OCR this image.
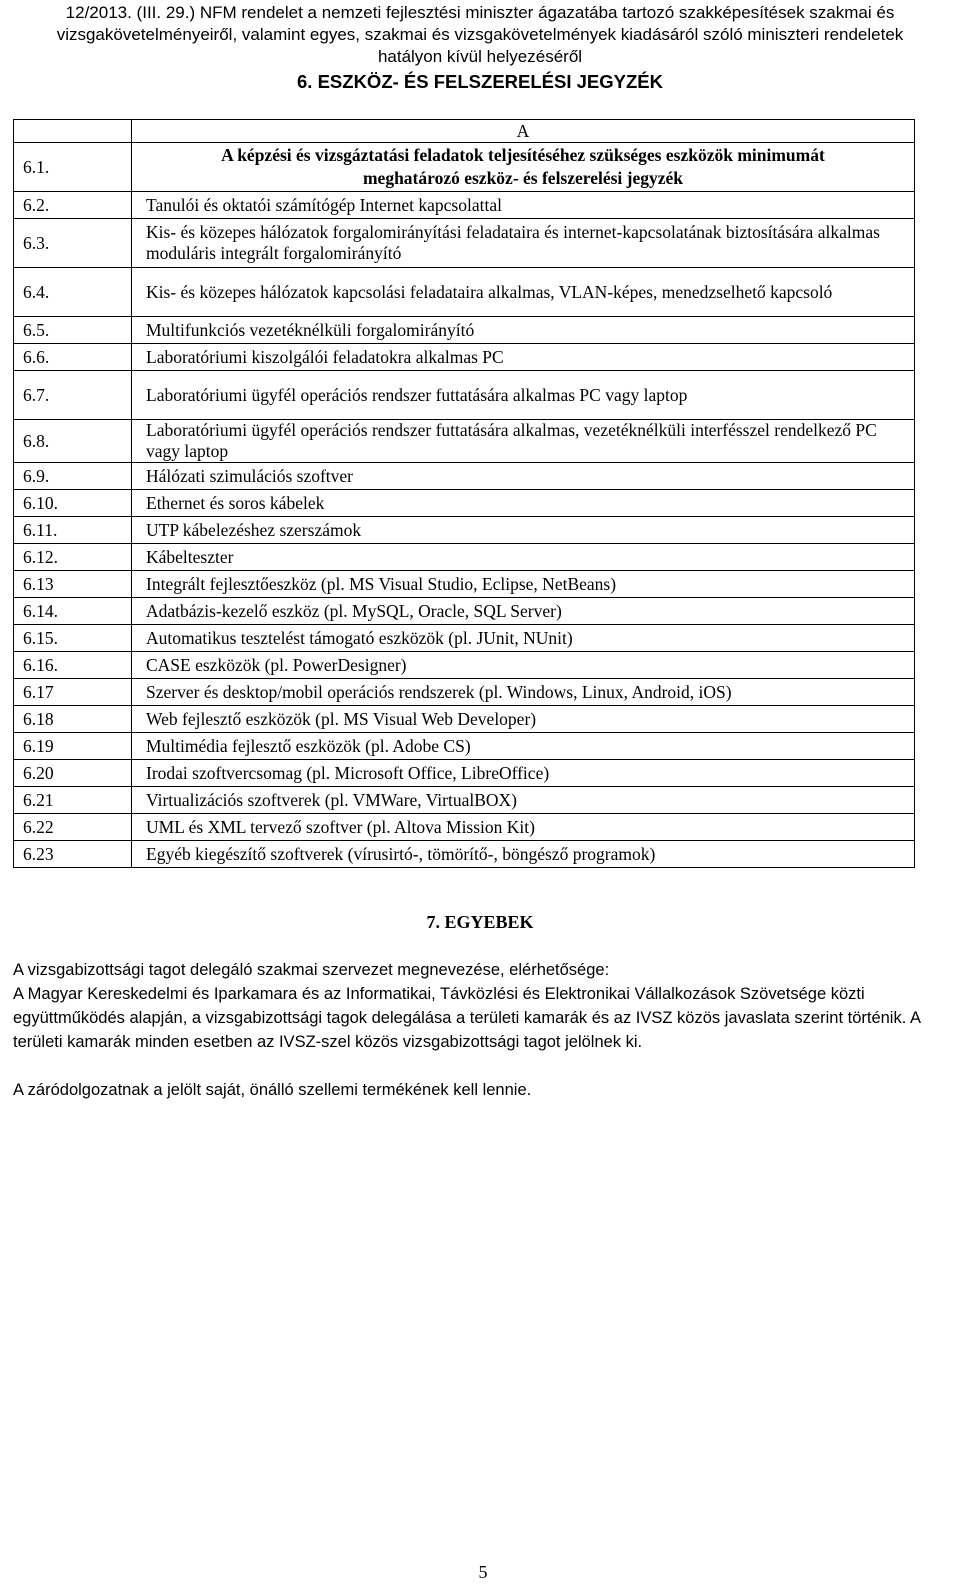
12/2013. (III. 29.) NFM rendelet a nemzeti fejlesztési miniszter ágazatába tartozó szakképesítések szakmai és
vizsgakövetelményeiről, valamint egyes, szakmai és vizsgakövetelmények kiadásáról szóló miniszteri rendeletek
hatályon kívül helyezéséről
6. ESZKÖZ- ÉS FELSZERELÉSI JEGYZÉK
	A
6.1.	A képzési és vizsgáztatási feladatok teljesítéséhez szükséges eszközök minimumát
meghatározó eszköz- és felszerelési jegyzék

6.2.	Tanulói és oktatói számítógép Internet kapcsolattal
6.3.	Kis- és közepes hálózatok forgalomirányítási feladataira és internet-kapcsolatának biztosítására alkalmas moduláris integrált forgalomirányító
6.4.	Kis- és közepes hálózatok kapcsolási feladataira alkalmas, VLAN-képes, menedzselhető kapcsoló
6.5.	Multifunkciós vezetéknélküli forgalomirányító
6.6.	Laboratóriumi kiszolgálói feladatokra alkalmas PC
6.7.	Laboratóriumi ügyfél operációs rendszer futtatására alkalmas PC vagy laptop
6.8.	Laboratóriumi ügyfél operációs rendszer futtatására alkalmas, vezetéknélküli interfésszel rendelkező PC vagy laptop
6.9.	Hálózati szimulációs szoftver
6.10.	Ethernet és soros kábelek
6.11.	UTP kábelezéshez szerszámok
6.12.	Kábelteszter
6.13	Integrált fejlesztőeszköz (pl. MS Visual Studio, Eclipse, NetBeans)
6.14.	Adatbázis-kezelő eszköz (pl. MySQL, Oracle, SQL Server)
6.15.	Automatikus tesztelést támogató eszközök (pl. JUnit, NUnit)
6.16.	CASE eszközök (pl. PowerDesigner)
6.17	Szerver és desktop/mobil operációs rendszerek (pl. Windows, Linux, Android, iOS)
6.18	Web fejlesztő eszközök (pl. MS Visual Web Developer)
6.19	Multimédia fejlesztő eszközök (pl. Adobe CS)
6.20	Irodai szoftvercsomag (pl. Microsoft Office, LibreOffice)
6.21	Virtualizációs szoftverek (pl. VMWare, VirtualBOX)
6.22	UML és XML tervező szoftver (pl. Altova Mission Kit)
6.23	Egyéb kiegészítő szoftverek (vírusirtó-, tömörítő-, böngésző programok)
7. EGYEBEK
A vizsgabizottsági tagot delegáló szakmai szervezet megnevezése, elérhetősége:
A Magyar Kereskedelmi és Iparkamara és az Informatikai, Távközlési és Elektronikai Vállalkozások Szövetsége közti együttműködés alapján, a vizsgabizottsági tagok delegálása a területi kamarák és az IVSZ közös javaslata szerint történik. A területi kamarák minden esetben az IVSZ-szel közös vizsgabizottsági tagot jelölnek ki.
A záródolgozatnak a jelölt saját, önálló szellemi termékének kell lennie.
5
